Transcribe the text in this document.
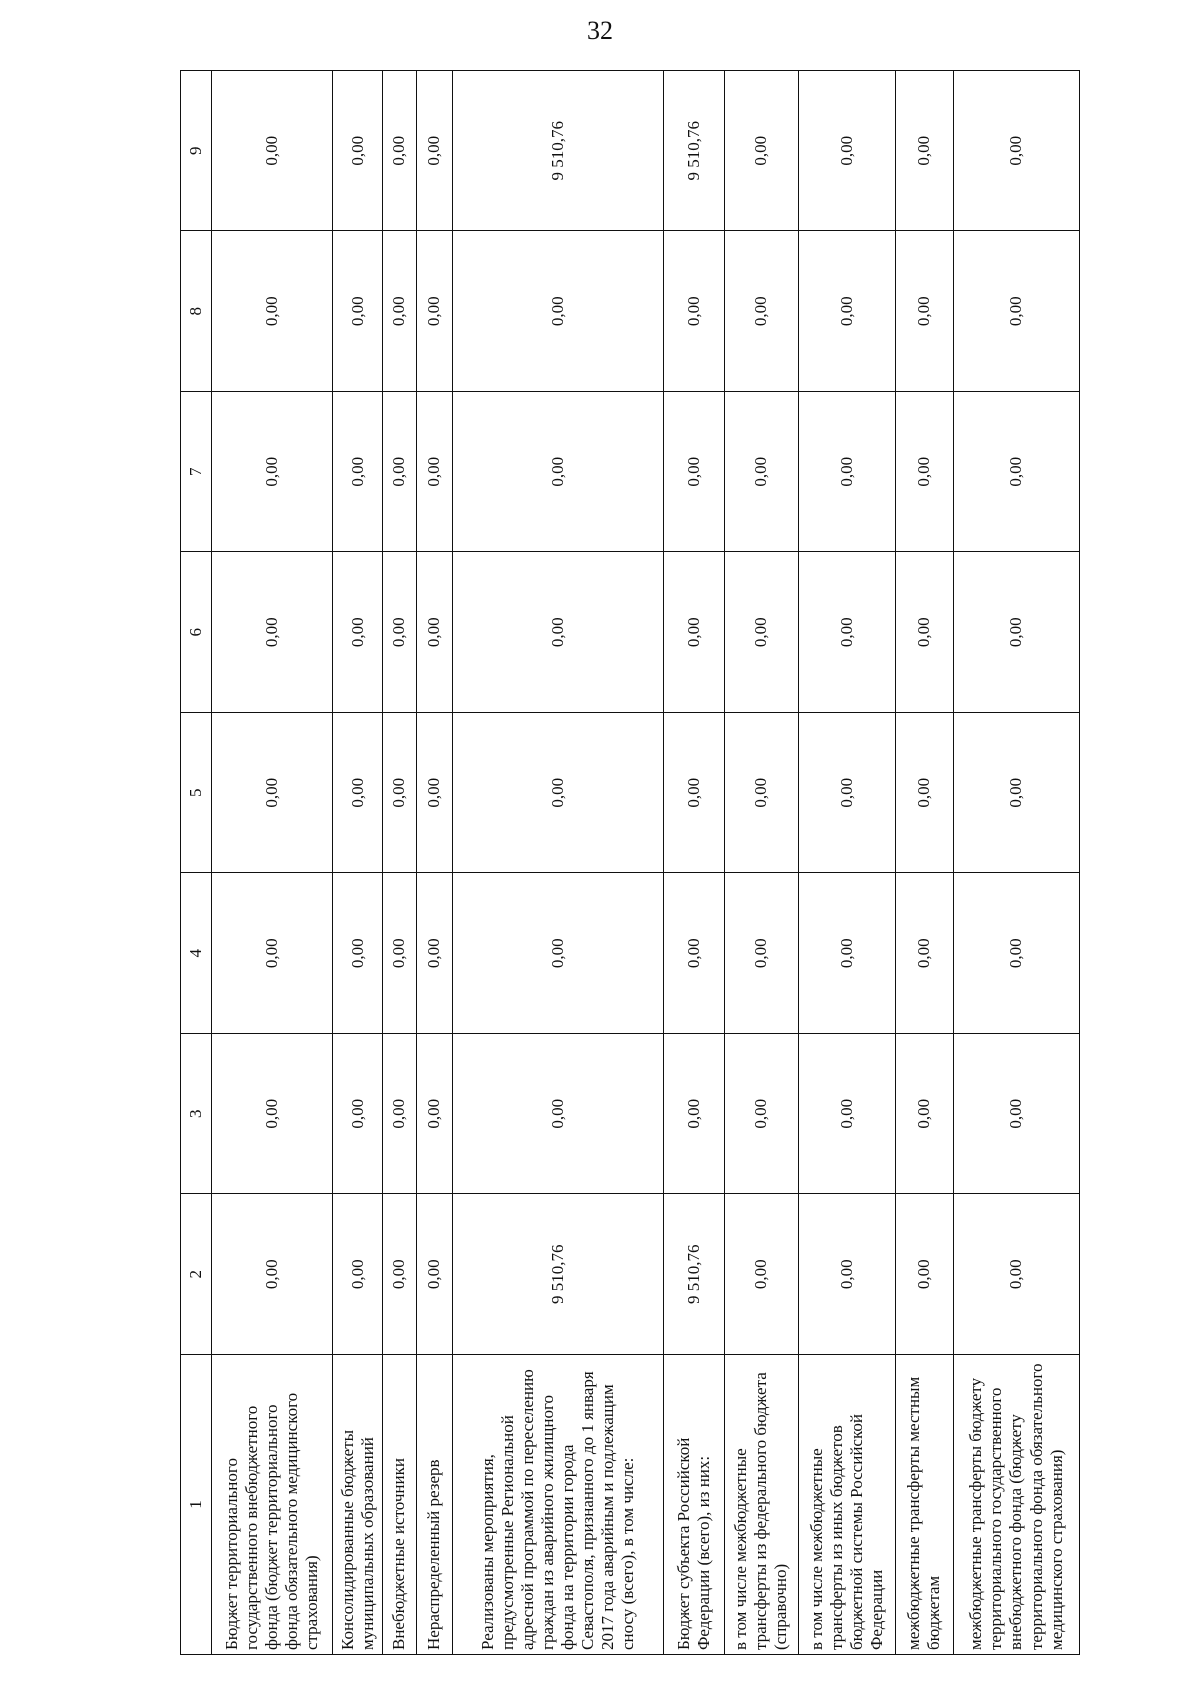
32
1	2	3	4	5	6	7	8	9
Бюджет территориального государственного внебюджетного фонда (бюджет территориального фонда обязательного медицинского страхования)	0,00	0,00	0,00	0,00	0,00	0,00	0,00	0,00
Консолидированные бюджеты муниципальных образований	0,00	0,00	0,00	0,00	0,00	0,00	0,00	0,00
Внебюджетные источники	0,00	0,00	0,00	0,00	0,00	0,00	0,00	0,00
Нераспределенный резерв	0,00	0,00	0,00	0,00	0,00	0,00	0,00	0,00
Реализованы мероприятия, предусмотренные Региональной адресной программой по переселению граждан из аварийного жилищного фонда на территории города Севастополя, признанного до 1 января 2017 года аварийным и подлежащим сносу (всего), в том числе:	9 510,76	0,00	0,00	0,00	0,00	0,00	0,00	9 510,76
Бюджет субъекта Российской Федерации (всего), из них:	9 510,76	0,00	0,00	0,00	0,00	0,00	0,00	9 510,76
в том числе межбюджетные трансферты из федерального бюджета (справочно)	0,00	0,00	0,00	0,00	0,00	0,00	0,00	0,00
в том числе межбюджетные трансферты из иных бюджетов бюджетной системы Российской Федерации	0,00	0,00	0,00	0,00	0,00	0,00	0,00	0,00
межбюджетные трансферты местным бюджетам	0,00	0,00	0,00	0,00	0,00	0,00	0,00	0,00
межбюджетные трансферты бюджету территориального государственного внебюджетного фонда (бюджету территориального фонда обязательного медицинского страхования)	0,00	0,00	0,00	0,00	0,00	0,00	0,00	0,00
